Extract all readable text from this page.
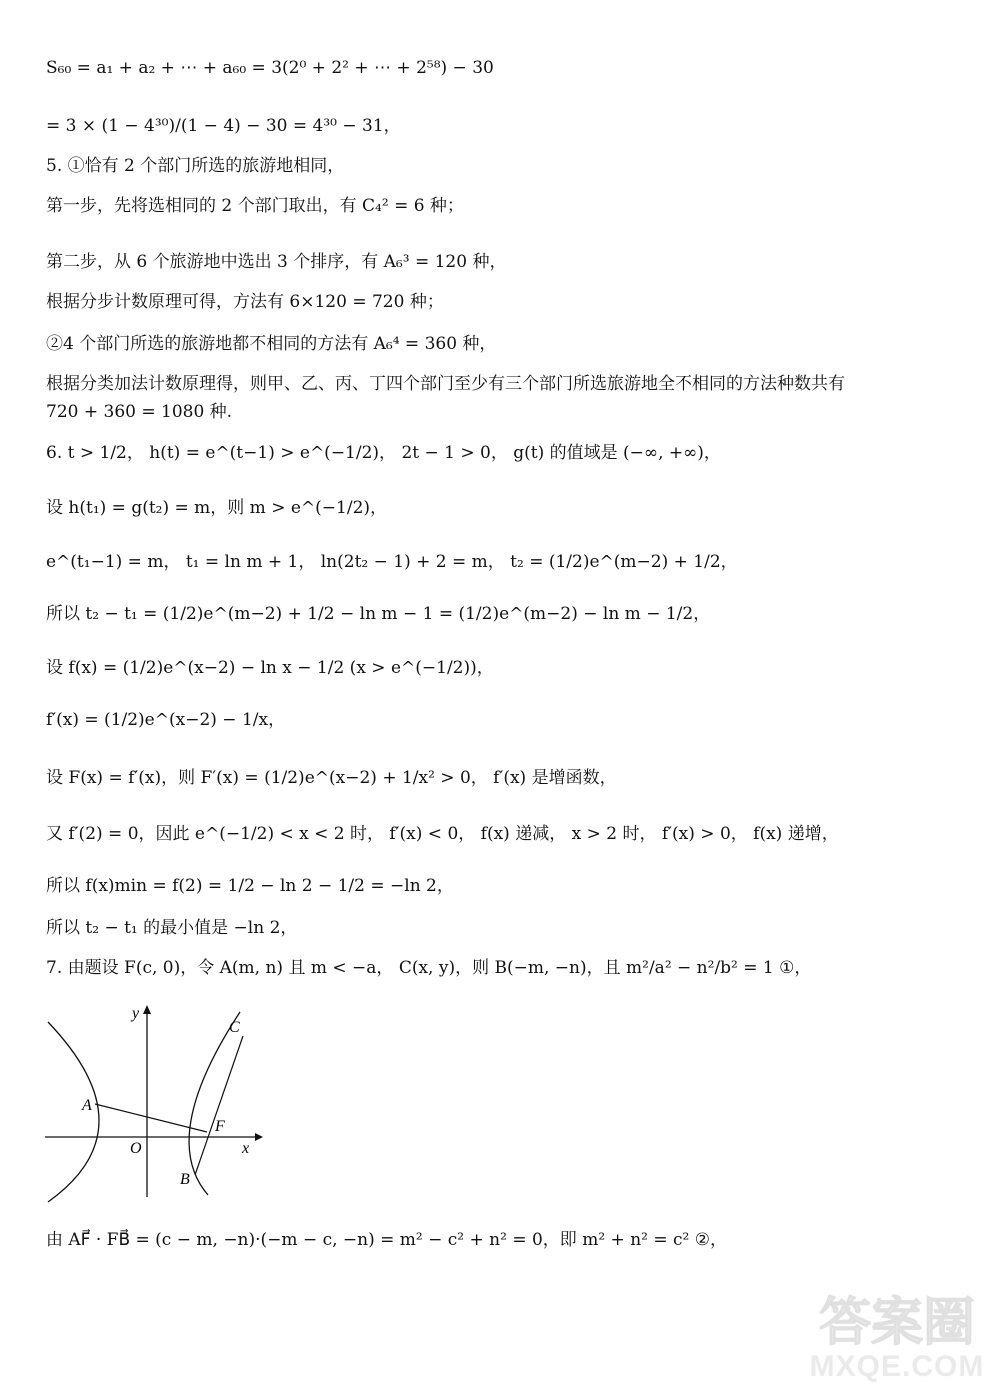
S₆₀ = a₁ + a₂ + ⋯ + a₆₀ = 3(2⁰ + 2² + ⋯ + 2⁵⁸) − 30
= 3 × (1 − 4³⁰)/(1 − 4) − 30 = 4³⁰ − 31，
5. ①恰有 2 个部门所选的旅游地相同，
第一步，先将选相同的 2 个部门取出，有 C₄² = 6 种；
第二步，从 6 个旅游地中选出 3 个排序，有 A₆³ = 120 种，
根据分步计数原理可得，方法有 6×120 = 720 种；
②4 个部门所选的旅游地都不相同的方法有 A₆⁴ = 360 种，
根据分类加法计数原理得，则甲、乙、丙、丁四个部门至少有三个部门所选旅游地全不相同的方法种数共有
720 + 360 = 1080 种.
6. t > 1/2， h(t) = e^(t−1) > e^(−1/2)， 2t − 1 > 0， g(t) 的值域是 (−∞, +∞)，
设 h(t₁) = g(t₂) = m，则 m > e^(−1/2)，
e^(t₁−1) = m， t₁ = ln m + 1， ln(2t₂ − 1) + 2 = m， t₂ = (1/2)e^(m−2) + 1/2，
所以 t₂ − t₁ = (1/2)e^(m−2) + 1/2 − ln m − 1 = (1/2)e^(m−2) − ln m − 1/2，
设 f(x) = (1/2)e^(x−2) − ln x − 1/2 (x > e^(−1/2))，
f′(x) = (1/2)e^(x−2) − 1/x，
设 F(x) = f′(x)，则 F′(x) = (1/2)e^(x−2) + 1/x² > 0， f′(x) 是增函数，
又 f′(2) = 0，因此 e^(−1/2) < x < 2 时， f′(x) < 0， f(x) 递减， x > 2 时， f′(x) > 0， f(x) 递增，
所以 f(x)min = f(2) = 1/2 − ln 2 − 1/2 = −ln 2，
所以 t₂ − t₁ 的最小值是 −ln 2，
7. 由题设 F(c, 0)，令 A(m, n) 且 m < −a， C(x, y)，则 B(−m, −n)，且 m²/a² − n²/b² = 1 ①，
y
x
O
A
B
C
F
由 AF⃗ · FB⃗ = (c − m, −n)·(−m − c, −n) = m² − c² + n² = 0，即 m² + n² = c² ②，
答案圈
MXQE.COM
